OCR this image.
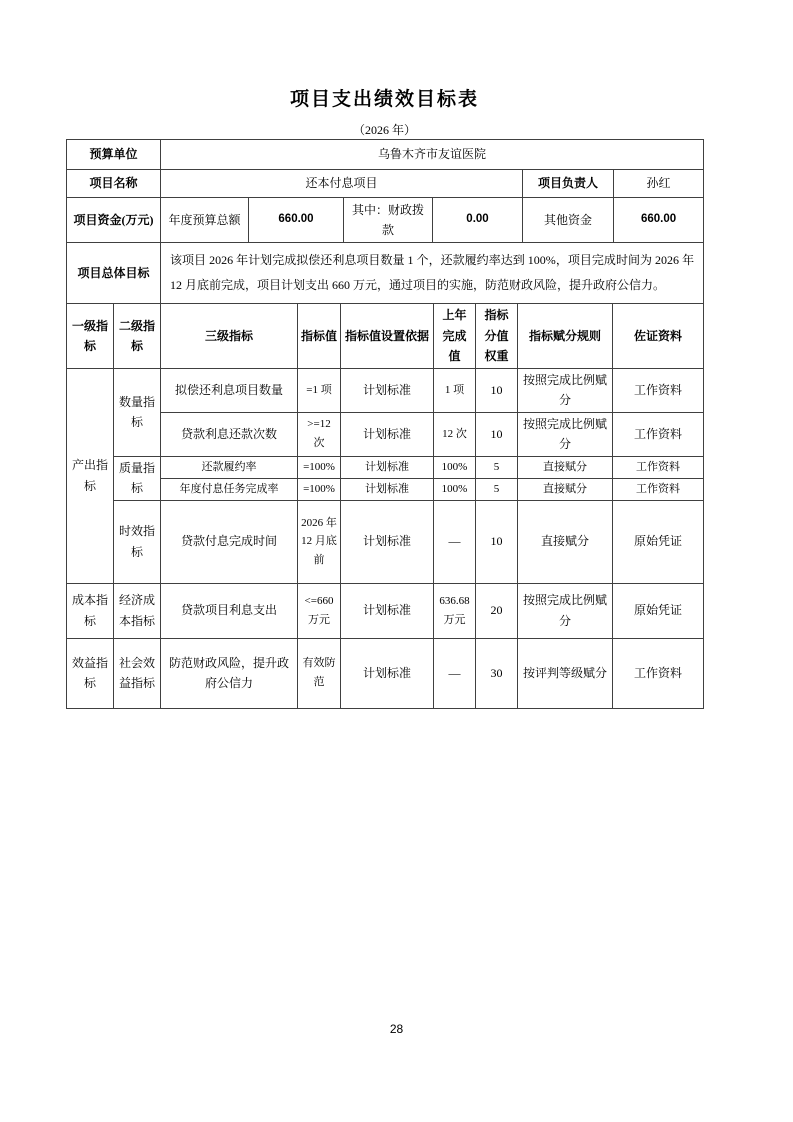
项目支出绩效目标表
（2026 年）
预算单位	乌鲁木齐市友谊医院					
项目名称	还本付息项目				项目负责人	孙红
项目资金(万元)	年度预算总额	660.00	其中：财政拨款	0.00	其他资金	660.00
项目总体目标	该项目 2026 年计划完成拟偿还利息项目数量 1 个，还款履约率达到 100%，项目完成时间为 2026 年 12 月底前完成，项目计划支出 660 万元，通过项目的实施，防范财政风险，提升政府公信力。					
一级指标	二级指标	三级指标	指标值	指标值设置依据	上年完成值	指标分值权重	指标赋分规则	佐证资料
产出指标	数量指标	拟偿还利息项目数量	=1 项	计划标准	1 项	10	按照完成比例赋分	工作资料
		贷款利息还款次数	>=12 次	计划标准	12 次	10	按照完成比例赋分	工作资料
	质量指标	还款履约率	=100%	计划标准	100%	5	直接赋分	工作资料
		年度付息任务完成率	=100%	计划标准	100%	5	直接赋分	工作资料
	时效指标	贷款付息完成时间	2026 年 12 月底前	计划标准	—	10	直接赋分	原始凭证
成本指标	经济成本指标	贷款项目利息支出	<=660 万元	计划标准	636.68 万元	20	按照完成比例赋分	原始凭证
效益指标	社会效益指标	防范财政风险，提升政府公信力	有效防范	计划标准	—	30	按评判等级赋分	工作资料
28
